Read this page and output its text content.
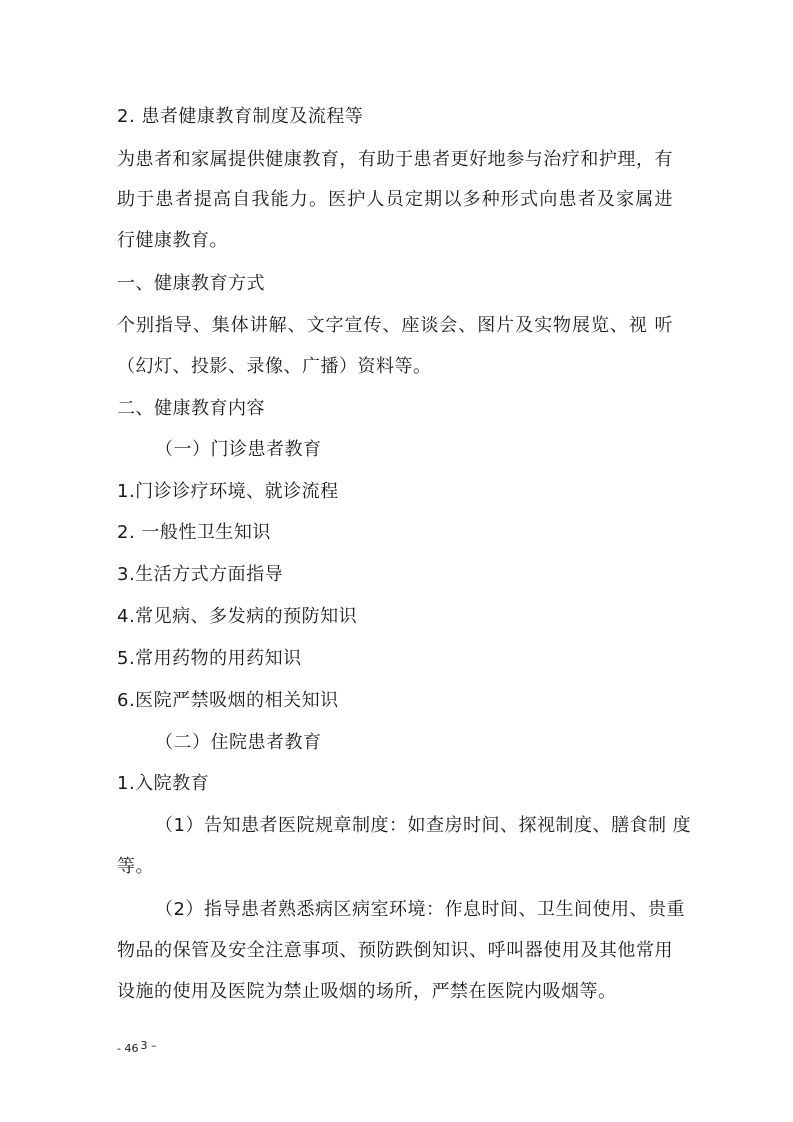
2. 患者健康教育制度及流程等
为患者和家属提供健康教育，有助于患者更好地参与治疗和护理，有
助于患者提高自我能力。医护人员定期以多种形式向患者及家属进
行健康教育。
一、健康教育方式
个别指导、集体讲解、文字宣传、座谈会、图片及实物展览、视 听
（幻灯、投影、录像、广播）资料等。
二、健康教育内容
（一）门诊患者教育
1.门诊诊疗环境、就诊流程
2. 一般性卫生知识
3.生活方式方面指导
4.常见病、多发病的预防知识
5.常用药物的用药知识
6.医院严禁吸烟的相关知识
（二）住院患者教育
1.入院教育
（1）告知患者医院规章制度：如查房时间、探视制度、膳食制 度
等。
（2）指导患者熟悉病区病室环境：作息时间、卫生间使用、贵重
物品的保管及安全注意事项、预防跌倒知识、呼叫器使用及其他常用
设施的使用及医院为禁止吸烟的场所，严禁在医院内吸烟等。
- 46 3 –
